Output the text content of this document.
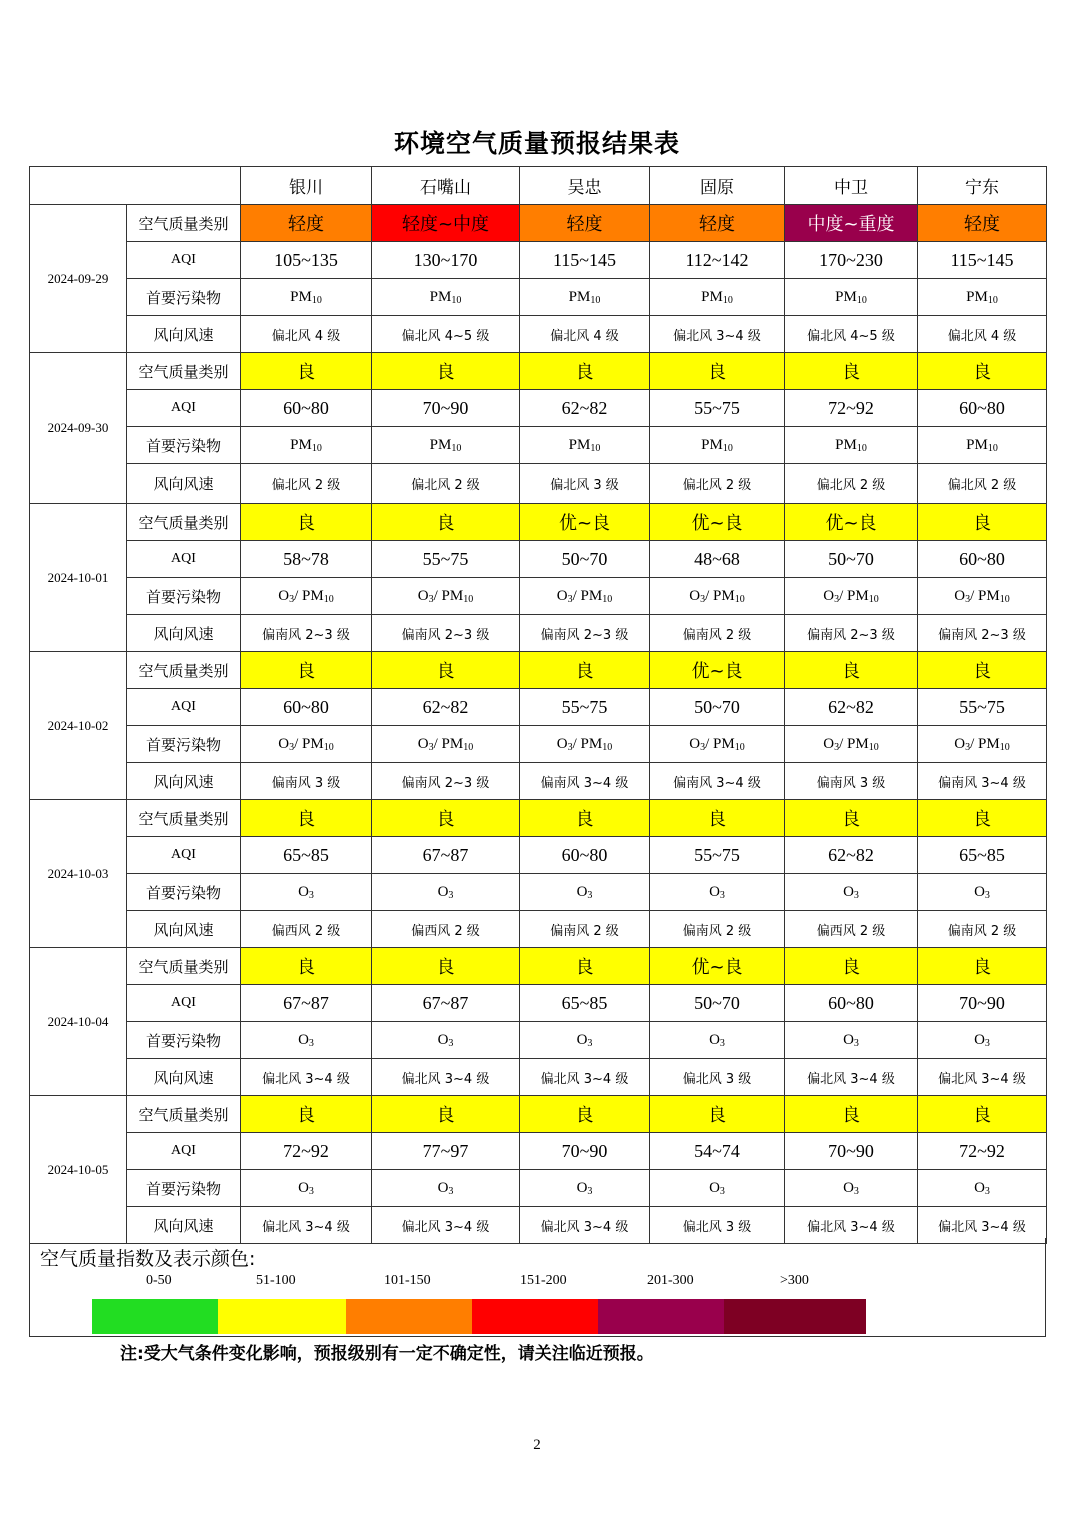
环境空气质量预报结果表
		银川	石嘴山	吴忠	固原	中卫	宁东
2024-09-29	空气质量类别	轻度	轻度~中度	轻度	轻度	中度~重度	轻度
	AQI	105~135	130~170	115~145	112~142	170~230	115~145
	首要污染物	$PM_{10}$	$PM_{10}$	$PM_{10}$	$PM_{10}$	$PM_{10}$	$PM_{10}$
	风向风速	偏北风 4 级	偏北风 4~5 级	偏北风 4 级	偏北风 3~4 级	偏北风 4~5 级	偏北风 4 级
2024-09-30	空气质量类别	良	良	良	良	良	良
	AQI	60~80	70~90	62~82	55~75	72~92	60~80
	首要污染物	$PM_{10}$	$PM_{10}$	$PM_{10}$	$PM_{10}$	$PM_{10}$	$PM_{10}$
	风向风速	偏北风 2 级	偏北风 2 级	偏北风 3 级	偏北风 2 级	偏北风 2 级	偏北风 2 级
2024-10-01	空气质量类别	良	良	优~良	优~良	优~良	良
	AQI	58~78	55~75	50~70	48~68	50~70	60~80
	首要污染物	$O_3/$ $PM_{10}$	$O_3/$ $PM_{10}$	$O_3/$ $PM_{10}$	$O_3/$ $PM_{10}$	$O_3/$ $PM_{10}$	$O_3/$ $PM_{10}$
	风向风速	偏南风 2~3 级	偏南风 2~3 级	偏南风 2~3 级	偏南风 2 级	偏南风 2~3 级	偏南风 2~3 级
2024-10-02	空气质量类别	良	良	良	优~良	良	良
	AQI	60~80	62~82	55~75	50~70	62~82	55~75
	首要污染物	$O_3/$ $PM_{10}$	$O_3/$ $PM_{10}$	$O_3/$ $PM_{10}$	$O_3/$ $PM_{10}$	$O_3/$ $PM_{10}$	$O_3/$ $PM_{10}$
	风向风速	偏南风 3 级	偏南风 2~3 级	偏南风 3~4 级	偏南风 3~4 级	偏南风 3 级	偏南风 3~4 级
2024-10-03	空气质量类别	良	良	良	良	良	良
	AQI	65~85	67~87	60~80	55~75	62~82	65~85
	首要污染物	$O_3$	$O_3$	$O_3$	$O_3$	$O_3$	$O_3$
	风向风速	偏西风 2 级	偏西风 2 级	偏南风 2 级	偏南风 2 级	偏西风 2 级	偏南风 2 级
2024-10-04	空气质量类别	良	良	良	优~良	良	良
	AQI	67~87	67~87	65~85	50~70	60~80	70~90
	首要污染物	$O_3$	$O_3$	$O_3$	$O_3$	$O_3$	$O_3$
	风向风速	偏北风 3~4 级	偏北风 3~4 级	偏北风 3~4 级	偏北风 3 级	偏北风 3~4 级	偏北风 3~4 级
2024-10-05	空气质量类别	良	良	良	良	良	良
	AQI	72~92	77~97	70~90	54~74	70~90	72~92
	首要污染物	$O_3$	$O_3$	$O_3$	$O_3$	$O_3$	$O_3$
	风向风速	偏北风 3~4 级	偏北风 3~4 级	偏北风 3~4 级	偏北风 3 级	偏北风 3~4 级	偏北风 3~4 级
空气质量指数及表示颜色:
0-50	51-100	101-150	151-200	201-300	>300
注:受大气条件变化影响，预报级别有一定不确定性，请关注临近预报。
2
